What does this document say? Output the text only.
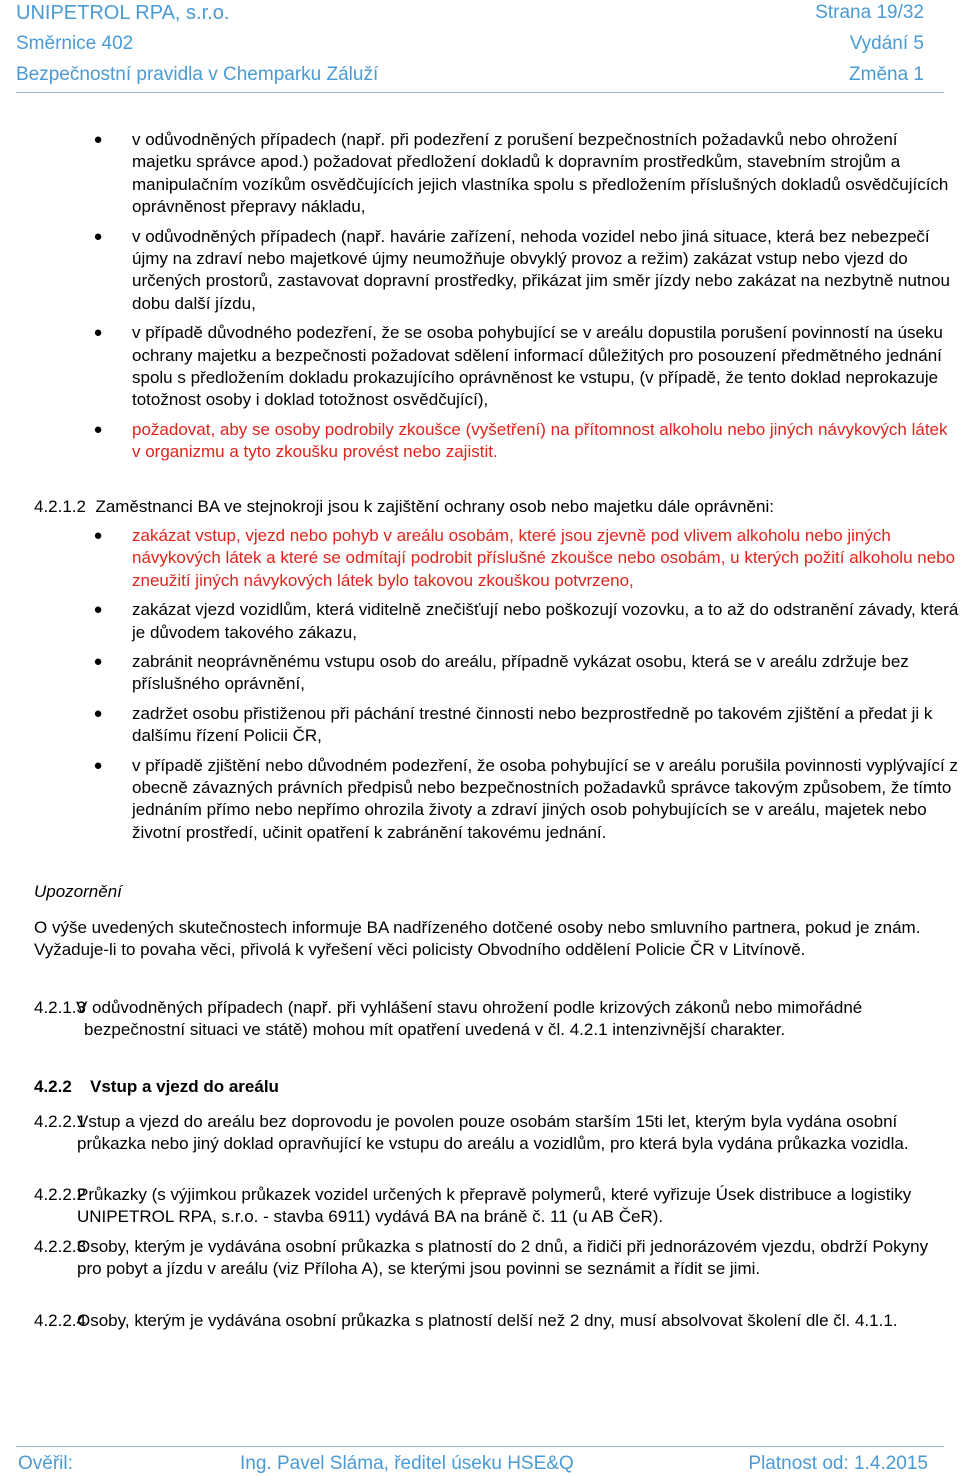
UNIPETROL RPA, s.r.o.	Strana 19/32
Směrnice 402	Vydání 5
Bezpečnostní pravidla v Chemparku Záluží	Změna 1
● v odůvodněných případech (např. při podezření z porušení bezpečnostních požadavků nebo ohrožení majetku správce apod.) požadovat předložení dokladů k dopravním prostředkům, stavebním strojům a manipulačním vozíkům osvědčujících jejich vlastníka spolu s předložením příslušných dokladů osvědčujících oprávněnost přepravy nákladu,
● v odůvodněných případech (např. havárie zařízení, nehoda vozidel nebo jiná situace, která bez nebezpečí újmy na zdraví nebo majetkové újmy neumožňuje obvyklý provoz a režim) zakázat vstup nebo vjezd do určených prostorů, zastavovat dopravní prostředky, přikázat jim směr jízdy nebo zakázat na nezbytně nutnou dobu další jízdu,
● v případě důvodného podezření, že se osoba pohybující se v areálu dopustila porušení povinností na úseku ochrany majetku a bezpečnosti požadovat sdělení informací důležitých pro posouzení předmětného jednání spolu s předložením dokladu prokazujícího oprávněnost ke vstupu, (v případě, že tento doklad neprokazuje totožnost osoby i doklad totožnost osvědčující),
● požadovat, aby se osoby podrobily zkoušce (vyšetření) na přítomnost alkoholu nebo jiných návykových látek v organizmu a tyto zkoušku provést nebo zajistit.
4.2.1.2 Zaměstnanci BA ve stejnokroji jsou k zajištění ochrany osob nebo majetku dále oprávněni:
● zakázat vstup, vjezd nebo pohyb v areálu osobám, které jsou zjevně pod vlivem alkoholu nebo jiných návykových látek a které se odmítají podrobit příslušné zkoušce nebo osobám, u kterých požití alkoholu nebo zneužití jiných návykových látek bylo takovou zkouškou potvrzeno,
● zakázat vjezd vozidlům, která viditelně znečišťují nebo poškozují vozovku, a to až do odstranění závady, která je důvodem takového zákazu,
● zabránit neoprávněnému vstupu osob do areálu, případně vykázat osobu, která se v areálu zdržuje bez příslušného oprávnění,
● zadržet osobu přistiženou při páchání trestné činnosti nebo bezprostředně po takovém zjištění a předat ji k dalšímu řízení Policii ČR,
● v případě zjištění nebo důvodném podezření, že osoba pohybující se v areálu porušila povinnosti vyplývající z obecně závazných právních předpisů nebo bezpečnostních požadavků správce takovým způsobem, že tímto jednáním přímo nebo nepřímo ohrozila životy a zdraví jiných osob pohybujících se v areálu, majetek nebo životní prostředí, učinit opatření k zabránění takovému jednání.
Upozornění

O výše uvedených skutečnostech informuje BA nadřízeného dotčené osoby nebo smluvního partnera, pokud je znám. Vyžaduje-li to povaha věci, přivolá k vyřešení věci policisty Obvodního oddělení Policie ČR v Litvínově.

4.2.1.3

V odůvodněných případech (např. při vyhlášení stavu ohrožení podle krizových zákonů nebo mimořádné bezpečnostní situaci ve státě) mohou mít opatření uvedená v čl. 4.2.1 intenzivnější charakter.

4.2.2 Vstup a vjezd do areálu
4.2.2.1

Vstup a vjezd do areálu bez doprovodu je povolen pouze osobám starším 15ti let, kterým byla vydána osobní průkazka nebo jiný doklad opravňující ke vstupu do areálu a vozidlům, pro která byla vydána průkazka vozidla.

4.2.2.2

Průkazky (s výjimkou průkazek vozidel určených k přepravě polymerů, které vyřizuje Úsek distribuce a logistiky UNIPETROL RPA, s.r.o. - stavba 6911) vydává BA na bráně č. 11 (u AB ČeR).

4.2.2.3

Osoby, kterým je vydávána osobní průkazka s platností do 2 dnů, a řidiči při jednorázovém vjezdu, obdrží Pokyny pro pobyt a jízdu v areálu (viz Příloha A), se kterými jsou povinni se seznámit a řídit se jimi.

4.2.2.4

Osoby, kterým je vydávána osobní průkazka s platností delší než 2 dny, musí absolvovat školení dle čl. 4.1.1.

Ověřil:	Ing. Pavel Sláma, ředitel úseku HSE&Q	Platnost od: 1.4.2015
